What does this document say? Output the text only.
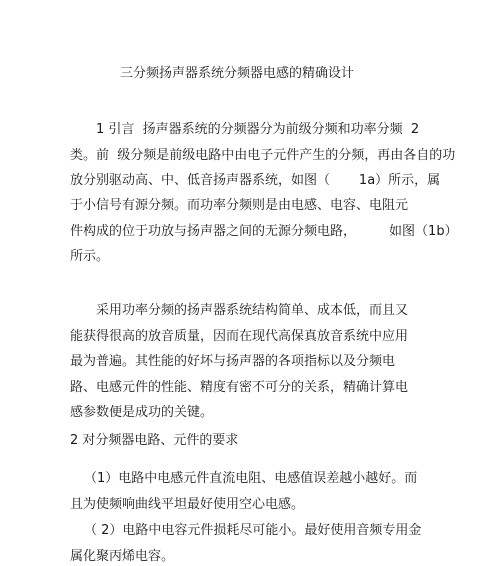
三分频扬声器系统分频器电感的精确设计
1 引言  扬声器系统的分频器分为前级分频和功率分频  2
类。前  级分频是前级电路中由电子元件产生的分频，再由各自的功
放分别驱动高、中、低音扬声器系统，如图（       1a）所示，属
于小信号有源分频。而功率分频则是由电感、电容、电阻元
件构成的位于功放与扬声器之间的无源分频电路，        如图（1b）
所示。
采用功率分频的扬声器系统结构简单、成本低，而且又
能获得很高的放音质量，因而在现代高保真放音系统中应用
最为普遍。其性能的好坏与扬声器的各项指标以及分频电
路、电感元件的性能、精度有密不可分的关系，精确计算电
感参数便是成功的关键。
2 对分频器电路、元件的要求
（1）电路中电感元件直流电阻、电感值误差越小越好。而
且为使频响曲线平坦最好使用空心电感。
（ 2）电路中电容元件损耗尽可能小。最好使用音频专用金
属化聚丙烯电容。
